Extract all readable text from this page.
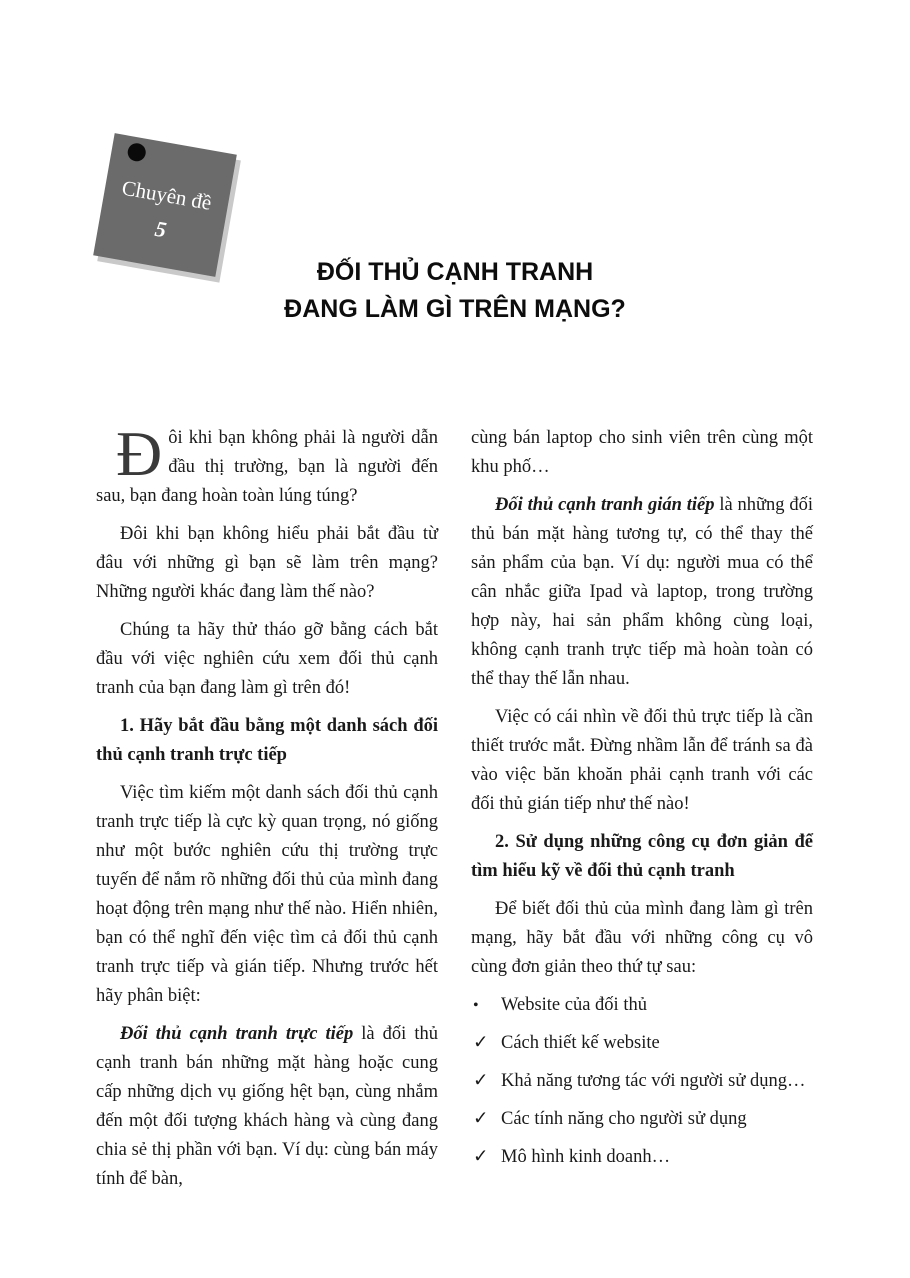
Chuyên đề
5
ĐỐI THỦ CẠNH TRANH
ĐANG LÀM GÌ TRÊN MẠNG?

Đôi khi bạn không phải là người dẫn đầu thị trường, bạn là người đến sau, bạn đang hoàn toàn lúng túng?

Đôi khi bạn không hiểu phải bắt đầu từ đâu với những gì bạn sẽ làm trên mạng? Những người khác đang làm thế nào?

Chúng ta hãy thử tháo gỡ bằng cách bắt đầu với việc nghiên cứu xem đối thủ cạnh tranh của bạn đang làm gì trên đó!

1. Hãy bắt đầu bằng một danh sách đối thủ cạnh tranh trực tiếp

Việc tìm kiếm một danh sách đối thủ cạnh tranh trực tiếp là cực kỳ quan trọng, nó giống như một bước nghiên cứu thị trường trực tuyến để nắm rõ những đối thủ của mình đang hoạt động trên mạng như thế nào. Hiển nhiên, bạn có thể nghĩ đến việc tìm cả đối thủ cạnh tranh trực tiếp và gián tiếp. Nhưng trước hết hãy phân biệt:

Đối thủ cạnh tranh trực tiếp là đối thủ cạnh tranh bán những mặt hàng hoặc cung cấp những dịch vụ giống hệt bạn, cùng nhắm đến một đối tượng khách hàng và cùng đang chia sẻ thị phần với bạn. Ví dụ: cùng bán máy tính để bàn,

cùng bán laptop cho sinh viên trên cùng một khu phố…

Đối thủ cạnh tranh gián tiếp là những đối thủ bán mặt hàng tương tự, có thể thay thế sản phẩm của bạn. Ví dụ: người mua có thể cân nhắc giữa Ipad và laptop, trong trường hợp này, hai sản phẩm không cùng loại, không cạnh tranh trực tiếp mà hoàn toàn có thể thay thế lẫn nhau.

Việc có cái nhìn về đối thủ trực tiếp là cần thiết trước mắt. Đừng nhầm lẫn để tránh sa đà vào việc băn khoăn phải cạnh tranh với các đối thủ gián tiếp như thế nào!

2. Sử dụng những công cụ đơn giản để tìm hiểu kỹ về đối thủ cạnh tranh

Để biết đối thủ của mình đang làm gì trên mạng, hãy bắt đầu với những công cụ vô cùng đơn giản theo thứ tự sau:

•	Website của đối thủ
✓ Cách thiết kế website
✓ Khả năng tương tác với người sử dụng…
✓ Các tính năng cho người sử dụng
✓ Mô hình kinh doanh…
